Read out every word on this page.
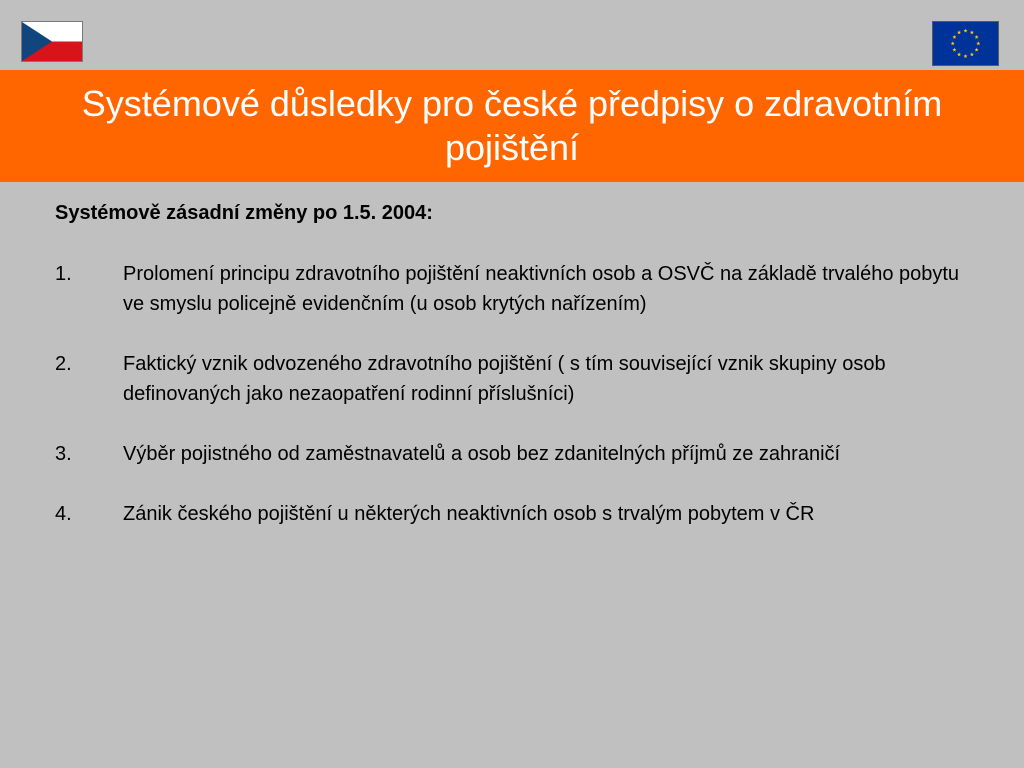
Systémové důsledky pro české předpisy o zdravotním pojištění

Systémově zásadní změny po 1.5. 2004:

1.	Prolomení principu zdravotního pojištění neaktivních osob a OSVČ na základě trvalého pobytu ve smyslu policejně evidenčním (u osob krytých nařízením)
2.	Faktický vznik odvozeného zdravotního pojištění ( s tím související vznik skupiny osob definovaných jako nezaopatření rodinní příslušníci)
3.	Výběr pojistného od zaměstnavatelů a osob bez zdanitelných příjmů ze zahraničí
4.	Zánik českého pojištění u některých neaktivních osob s trvalým pobytem v ČR
